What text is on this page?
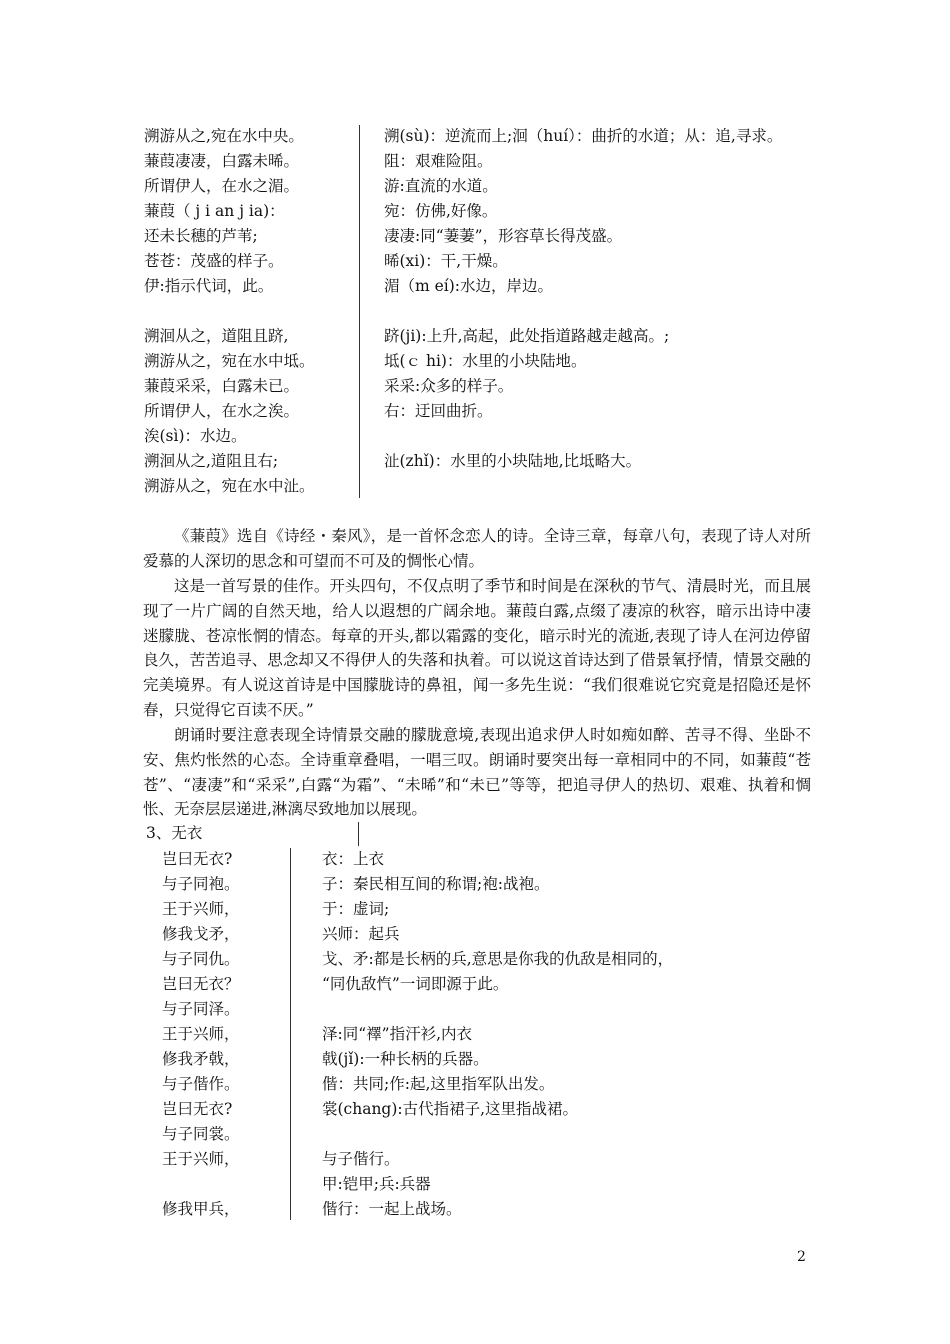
溯游从之,宛在水中央。
蒹葭凄凄，白露未晞。
所谓伊人，在水之湄。
蒹葭（ j i an j ia)：
还未长穗的芦苇;
苍苍：茂盛的样子。
伊:指示代词，此。
溯洄从之，道阻且跻,
溯游从之，宛在水中坻。
蒹葭采采，白露未已。
所谓伊人，在水之涘。
涘(sì)：水边。
溯洄从之,道阻且右;
溯游从之，宛在水中沚。
溯(sù)：逆流而上;洄（huí）：曲折的水道；从：追,寻求。
阻：艰难险阻。
游:直流的水道。
宛：仿佛,好像。
凄凄:同“萋萋”，形容草长得茂盛。
晞(xi)：干,干燥。
湄（m eí):水边，岸边。
跻(ji):上升,高起，此处指道路越走越高。;
坻(ｃ hi)：水里的小块陆地。
采采:众多的样子。
右：迂回曲折。
沚(zhǐ)：水里的小块陆地,比坻略大。

《蒹葭》选自《诗经・秦风》，是一首怀念恋人的诗。全诗三章，每章八句，表现了诗人对所爱慕的人深切的思念和可望而不可及的惆怅心情。

这是一首写景的佳作。开头四句，不仅点明了季节和时间是在深秋的节气、清晨时光，而且展现了一片广阔的自然天地，给人以遐想的广阔余地。蒹葭白露,点缀了凄凉的秋容，暗示出诗中凄迷朦胧、苍凉怅惘的情态。每章的开头,都以霜露的变化，暗示时光的流逝,表现了诗人在河边停留良久，苦苦追寻、思念却又不得伊人的失落和执着。可以说这首诗达到了借景氧抒情，情景交融的完美境界。有人说这首诗是中国朦胧诗的鼻祖，闻一多先生说：“我们很难说它究竟是招隐还是怀春，只觉得它百读不厌。”

朗诵时要注意表现全诗情景交融的朦胧意境,表现出追求伊人时如痴如醉、苦寻不得、坐卧不安、焦灼怅然的心态。全诗重章叠唱，一唱三叹。朗诵时要突出每一章相同中的不同，如蒹葭“苍苍”、“凄凄”和“采采”,白露“为霜”、“未晞”和“未已”等等，把追寻伊人的热切、艰难、执着和惆怅、无奈层层递进,淋漓尽致地加以展现。

3、无衣
岂曰无衣?
与子同袍。
王于兴师，
修我戈矛，
与子同仇。
岂曰无衣？
与子同泽。
王于兴师，
修我矛戟，
与子偕作。
岂曰无衣?
与子同裳。
王于兴师，
修我甲兵，
衣：上衣
子：秦民相互间的称谓;袍:战袍。
于：虚词;
兴师：起兵
戈、矛:都是长柄的兵,意思是你我的仇敌是相同的，
“同仇敌忾”一词即源于此。
泽:同“襗”指汗衫,内衣
戟(jǐ):一种长柄的兵器。
偕：共同;作:起,这里指军队出发。
裳(chang):古代指裙子,这里指战裙。
与子偕行。
甲:铠甲;兵:兵器
偕行：一起上战场。
2
